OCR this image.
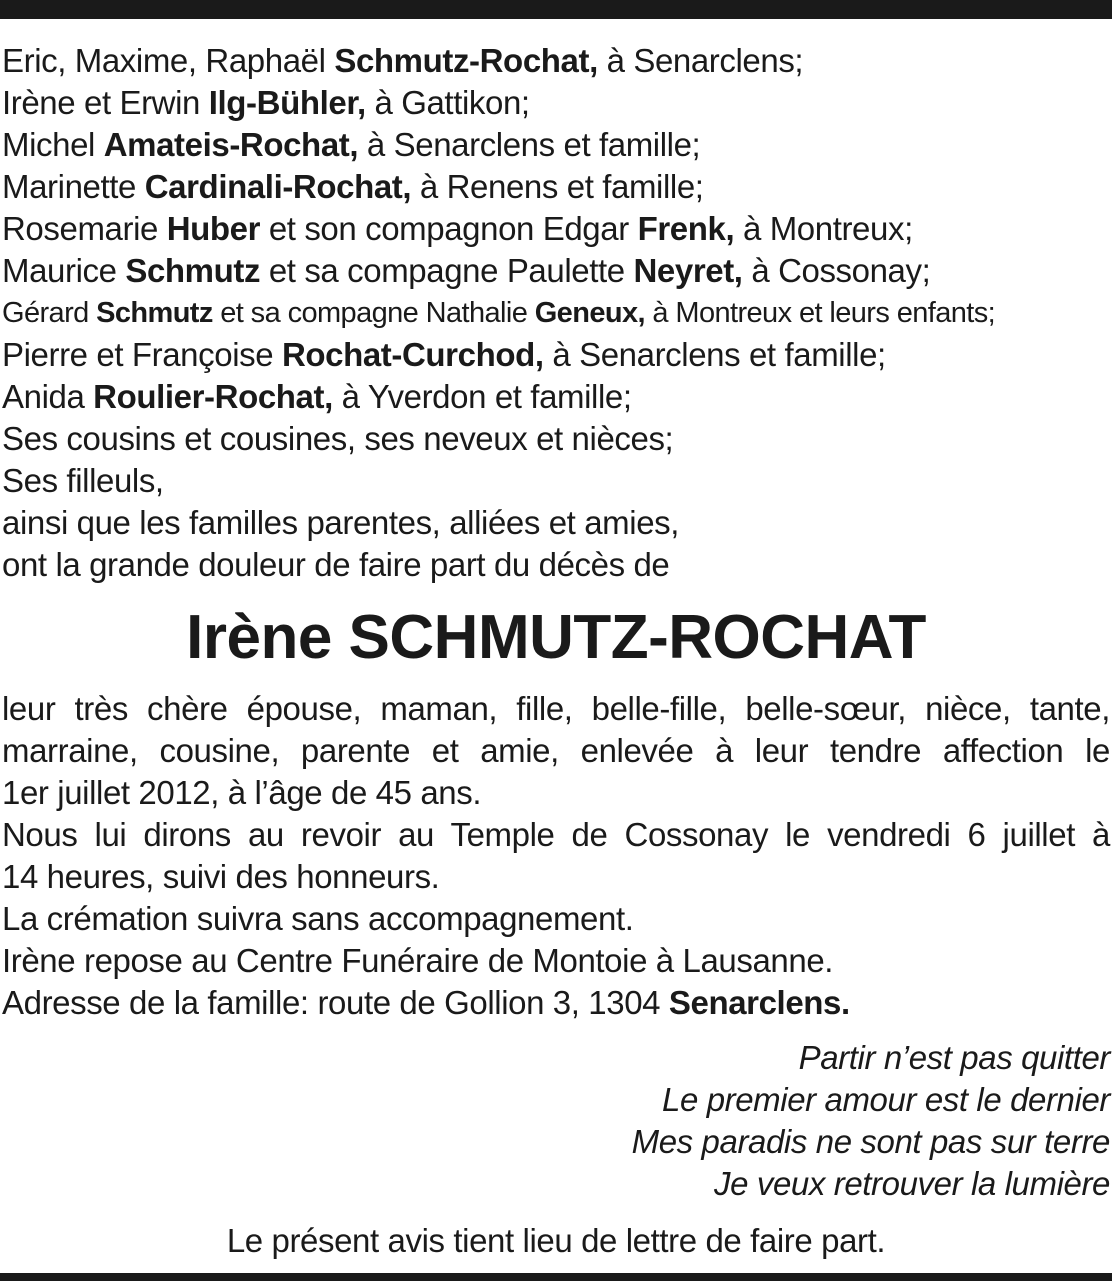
Eric, Maxime, Raphaël Schmutz-Rochat, à Senarclens;
Irène et Erwin Ilg-Bühler, à Gattikon;
Michel Amateis-Rochat, à Senarclens et famille;
Marinette Cardinali-Rochat, à Renens et famille;
Rosemarie Huber et son compagnon Edgar Frenk, à Montreux;
Maurice Schmutz et sa compagne Paulette Neyret, à Cossonay;
Gérard Schmutz et sa compagne Nathalie Geneux, à Montreux et leurs enfants;
Pierre et Françoise Rochat-Curchod, à Senarclens et famille;
Anida Roulier-Rochat, à Yverdon et famille;
Ses cousins et cousines, ses neveux et nièces;
Ses filleuls,
ainsi que les familles parentes, alliées et amies,
ont la grande douleur de faire part du décès de
Irène SCHMUTZ-ROCHAT
leur très chère épouse, maman, fille, belle-fille, belle-sœur, nièce, tante,
marraine, cousine, parente et amie, enlevée à leur tendre affection le
1er juillet 2012, à l’âge de 45 ans.
Nous lui dirons au revoir au Temple de Cossonay le vendredi 6 juillet à
14 heures, suivi des honneurs.
La crémation suivra sans accompagnement.
Irène repose au Centre Funéraire de Montoie à Lausanne.
Adresse de la famille: route de Gollion 3, 1304 Senarclens.
Partir n’est pas quitter
Le premier amour est le dernier
Mes paradis ne sont pas sur terre
Je veux retrouver la lumière
Le présent avis tient lieu de lettre de faire part.
